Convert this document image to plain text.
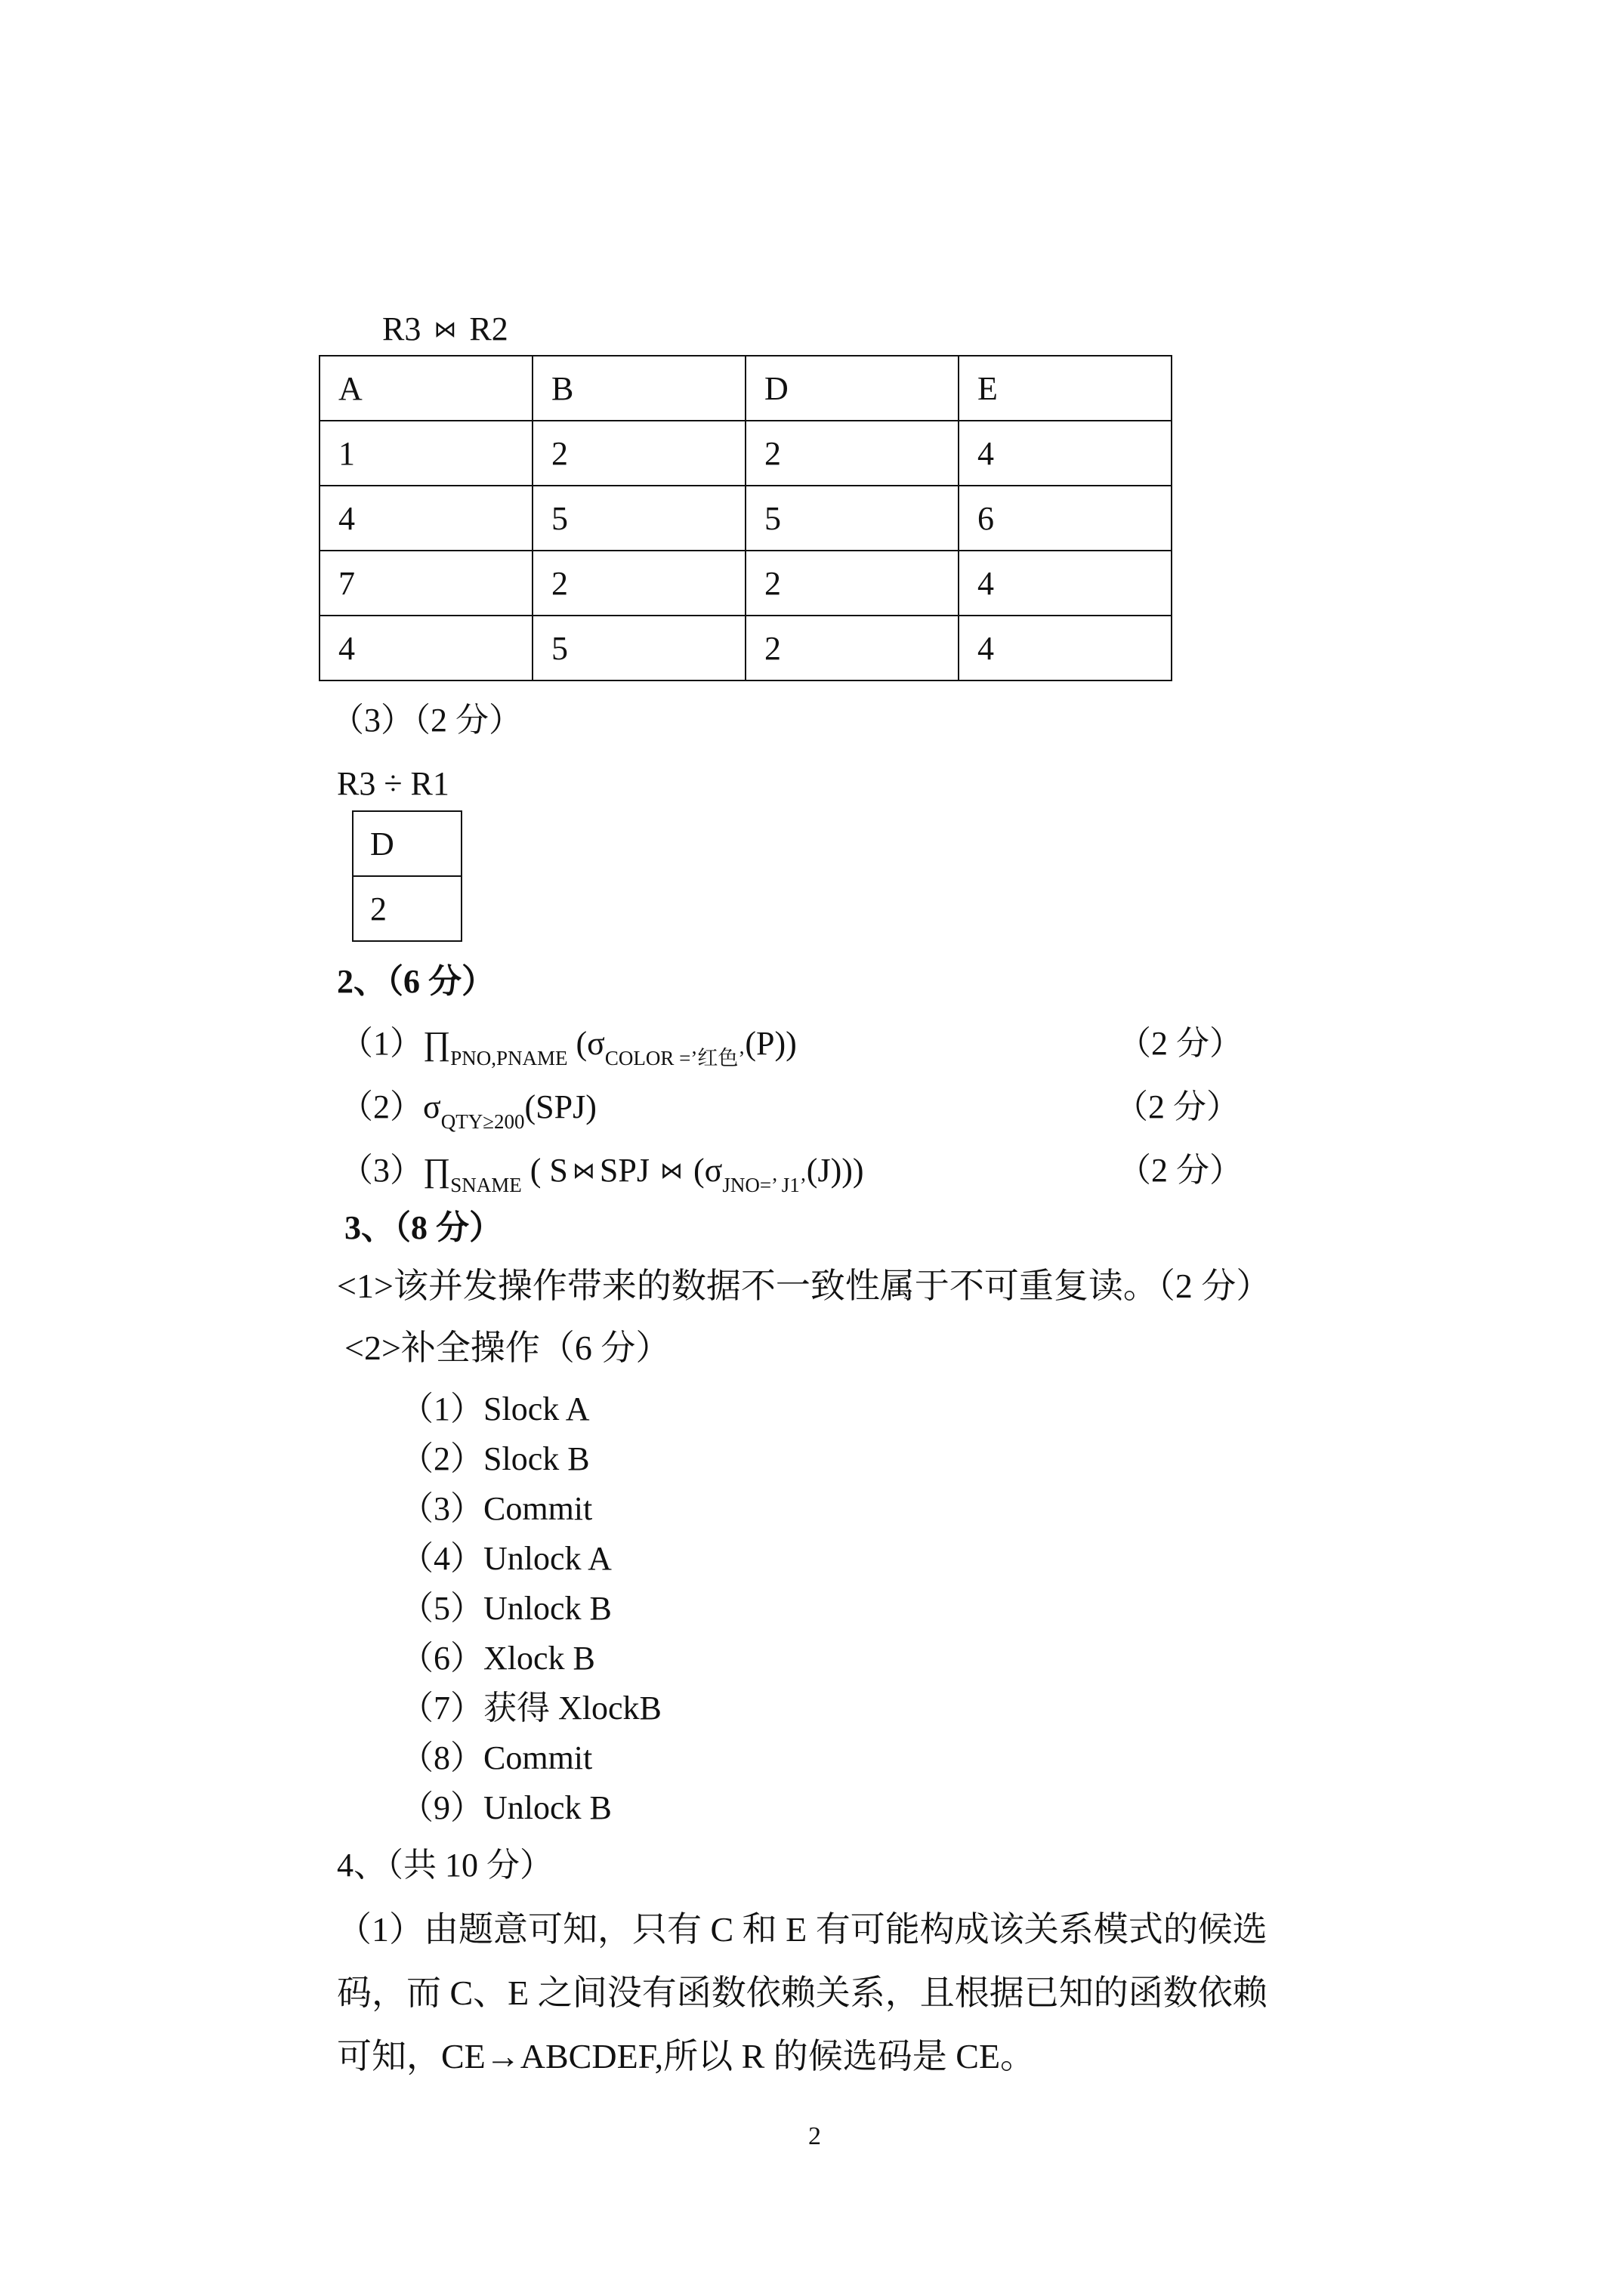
R3 ⋈ R2
A	B	D	E
1	2	2	4
4	5	5	6
7	2	2	4
4	5	2	4
（3）（2 分）
R3 ÷ R1
D
2
2、（6 分）
$(1)\prod_{PNO,PNAME}$ $(\sigma_{COLOR =’红色’}(P))$	（2 分）
$(2)\sigma_{QTY\ge 200}(SPJ)$	（2 分）
$(3)\prod_{SNAME}$ ( S ⋈ SPJ ⋈ $(\sigma_{JNO=’ J1’}(J))$)	（2 分）
3、（8 分）
<1>该并发操作带来的数据不一致性属于不可重复读。（2 分）
<2>补全操作（6 分）
（1）Slock A
（2）Slock B
（3）Commit
（4）Unlock A
（5）Unlock B
（6）Xlock B
（7）获得 XlockB
（8）Commit
（9）Unlock B
4、（共 10 分）
（1）由题意可知，只有 C 和 E 有可能构成该关系模式的候选
码，而 C、E 之间没有函数依赖关系，且根据已知的函数依赖
可知，CE→ABCDEF,所以 R 的候选码是 CE。
2
